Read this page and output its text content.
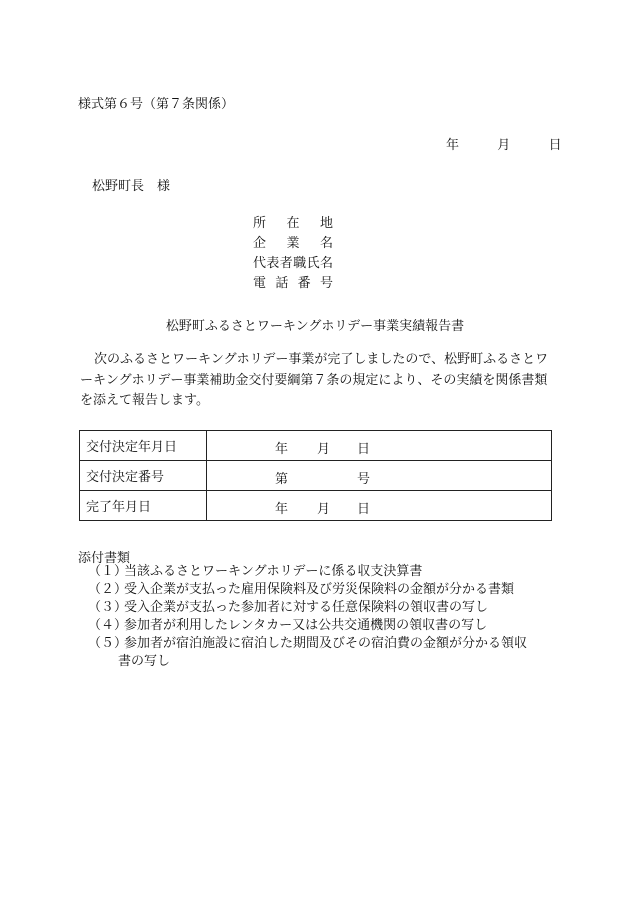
様式第６号（第７条関係）
年	月	日
松野町長　様
所在地
企業名
代表者職氏名
電話番号
松野町ふるさとワーキングホリデー事業実績報告書
次のふるさとワーキングホリデー事業が完了しましたので、松野町ふるさとワーキングホリデー事業補助金交付要綱第７条の規定により、その実績を関係書類を添えて報告します。
交付決定年月日	年 月 日

交付決定番号	第 号

完了年月日	年 月 日
添付書類
（１）当該ふるさとワーキングホリデーに係る収支決算書
（２）受入企業が支払った雇用保険料及び労災保険料の金額が分かる書類
（３）受入企業が支払った参加者に対する任意保険料の領収書の写し
（４）参加者が利用したレンタカー又は公共交通機関の領収書の写し
（５）参加者が宿泊施設に宿泊した期間及びその宿泊費の金額が分かる領収
書の写し
